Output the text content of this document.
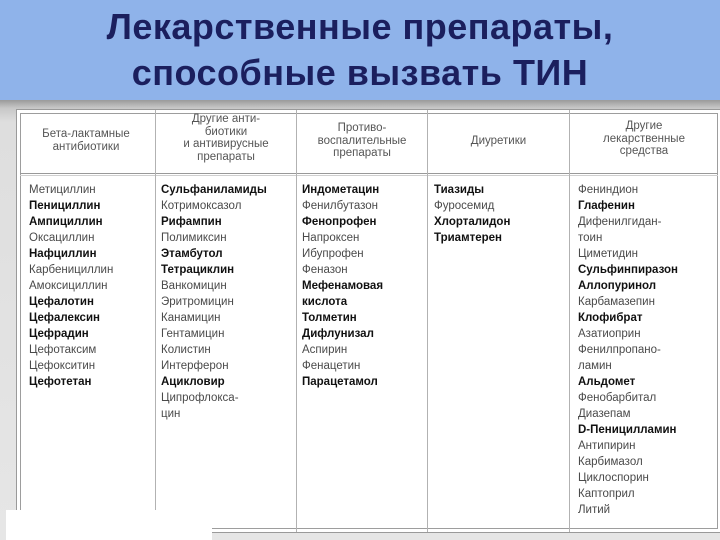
Лекарственные препараты,
способные вызвать ТИН
Бета-лактамные
антибиотики
Метициллин
Пенициллин
Ампициллин
Оксациллин
Нафциллин
Карбенициллин
Амоксициллин
Цефалотин
Цефалексин
Цефрадин
Цефотаксим
Цефокситин
Цефотетан
Другие анти-
биотики
и антивирусные
препараты
Сульфаниламиды
Котримоксазол
Рифампин
Полимиксин
Этамбутол
Тетрациклин
Ванкомицин
Эритромицин
Канамицин
Гентамицин
Колистин
Интерферон
Ацикловир
Ципрофлокса-
цин
Противо-
воспалительные
препараты
Индометацин
Фенилбутазон
Фенопрофен
Напроксен
Ибупрофен
Феназон
Мефенамовая
кислота
Толметин
Дифлунизал
Аспирин
Фенацетин
Парацетамол
Диуретики
Тиазиды
Фуросемид
Хлорталидон
Триамтерен
Другие
лекарственные
средства
Фениндион
Глафенин
Дифенилгидан-
тоин
Циметидин
Сульфинпиразон
Аллопуринол
Карбамазепин
Клофибрат
Азатиоприн
Фенилпропано-
ламин
Альдомет
Фенобарбитал
Диазепам
D-Пеницилламин
Антипирин
Карбимазол
Циклоспорин
Каптоприл
Литий
